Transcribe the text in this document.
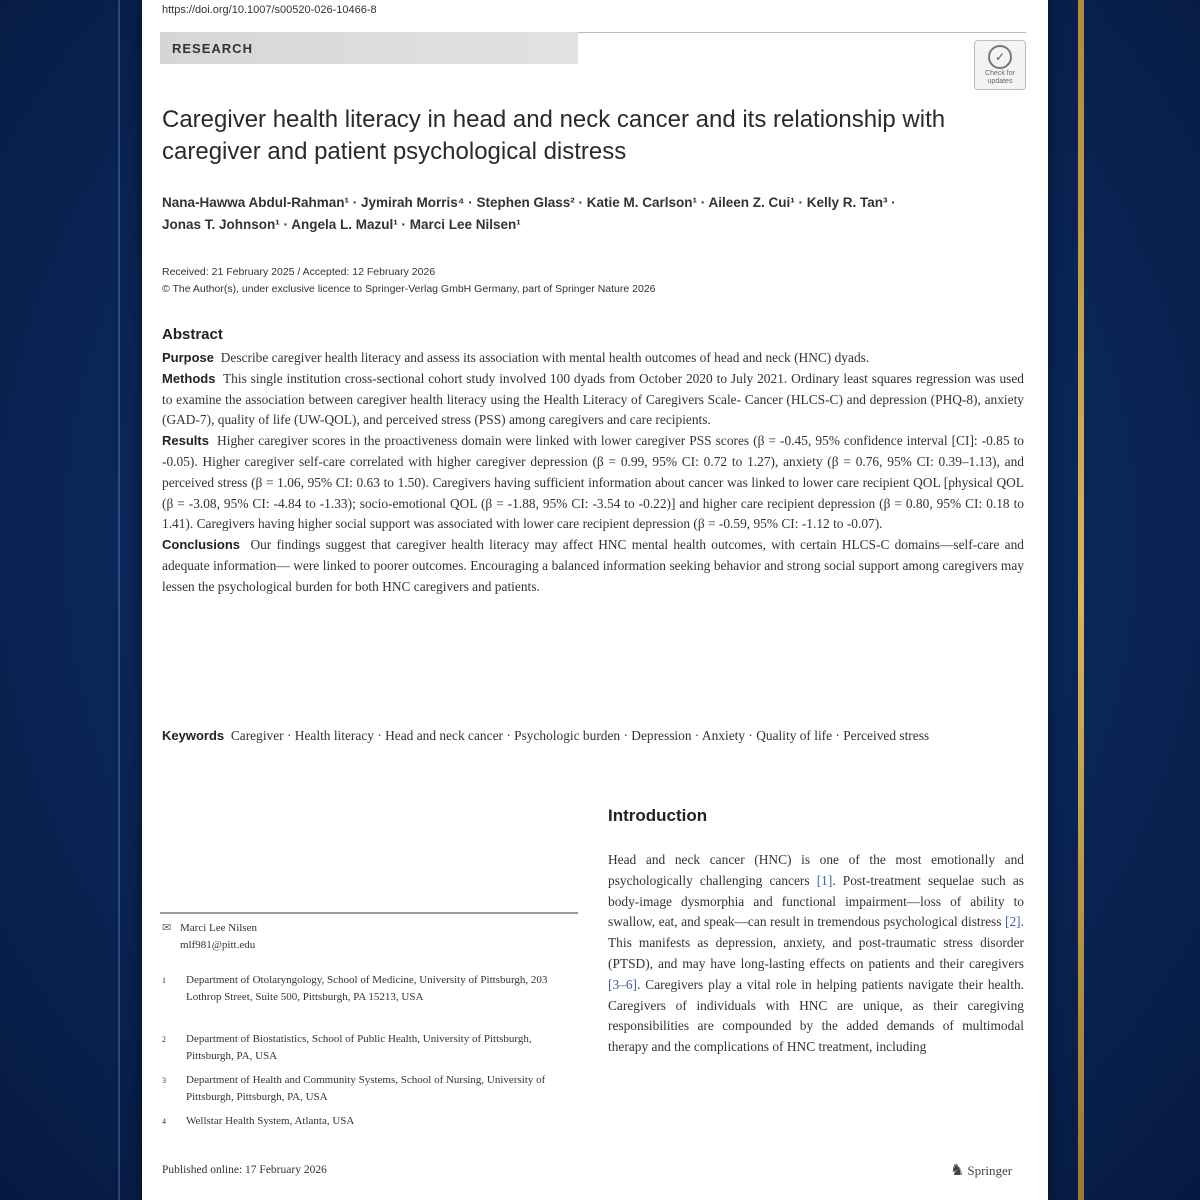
https://doi.org/10.1007/s00520-026-10466-8
RESEARCH
✓
Check for updates
Caregiver health literacy in head and neck cancer and its relationship with caregiver and patient psychological distress
Nana-Hawwa Abdul-Rahman¹ · Jymirah Morris⁴ · Stephen Glass² · Katie M. Carlson¹ · Aileen Z. Cui¹ · Kelly R. Tan³ ·
Jonas T. Johnson¹ · Angela L. Mazul¹ · Marci Lee Nilsen¹
Received: 21 February 2025 / Accepted: 12 February 2026
© The Author(s), under exclusive licence to Springer-Verlag GmbH Germany, part of Springer Nature 2026
Abstract
Purpose Describe caregiver health literacy and assess its association with mental health outcomes of head and neck (HNC) dyads.
Methods This single institution cross-sectional cohort study involved 100 dyads from October 2020 to July 2021. Ordinary least squares regression was used to examine the association between caregiver health literacy using the Health Literacy of Caregivers Scale- Cancer (HLCS-C) and depression (PHQ-8), anxiety (GAD-7), quality of life (UW-QOL), and perceived stress (PSS) among caregivers and care recipients.
Results Higher caregiver scores in the proactiveness domain were linked with lower caregiver PSS scores (β = -0.45, 95% confidence interval [CI]: -0.85 to -0.05). Higher caregiver self-care correlated with higher caregiver depression (β = 0.99, 95% CI: 0.72 to 1.27), anxiety (β = 0.76, 95% CI: 0.39–1.13), and perceived stress (β = 1.06, 95% CI: 0.63 to 1.50). Caregivers having sufficient information about cancer was linked to lower care recipient QOL [physical QOL (β = -3.08, 95% CI: -4.84 to -1.33); socio-emotional QOL (β = -1.88, 95% CI: -3.54 to -0.22)] and higher care recipient depression (β = 0.80, 95% CI: 0.18 to 1.41). Caregivers having higher social support was associated with lower care recipient depression (β = -0.59, 95% CI: -1.12 to -0.07).
Conclusions Our findings suggest that caregiver health literacy may affect HNC mental health outcomes, with certain HLCS-C domains—self-care and adequate information— were linked to poorer outcomes. Encouraging a balanced information seeking behavior and strong social support among caregivers may lessen the psychological burden for both HNC caregivers and patients.
Keywords Caregiver · Health literacy · Head and neck cancer · Psychologic burden · Depression · Anxiety · Quality of life · Perceived stress
Introduction
Head and neck cancer (HNC) is one of the most emotionally and psychologically challenging cancers [1]. Post-treatment sequelae such as body-image dysmorphia and functional impairment—loss of ability to swallow, eat, and speak—can result in tremendous psychological distress [2]. This manifests as depression, anxiety, and post-traumatic stress disorder (PTSD), and may have long-lasting effects on patients and their caregivers [3–6]. Caregivers play a vital role in helping patients navigate their health. Caregivers of individuals with HNC are unique, as their caregiving responsibilities are compounded by the added demands of multimodal therapy and the complications of HNC treatment, including
✉ Marci Lee Nilsen
mlf981@pitt.edu
1 Department of Otolaryngology, School of Medicine, University of Pittsburgh, 203 Lothrop Street, Suite 500, Pittsburgh, PA 15213, USA
2 Department of Biostatistics, School of Public Health, University of Pittsburgh, Pittsburgh, PA, USA
3 Department of Health and Community Systems, School of Nursing, University of Pittsburgh, Pittsburgh, PA, USA
4 Wellstar Health System, Atlanta, USA
Published online: 17 February 2026	♞ Springer
